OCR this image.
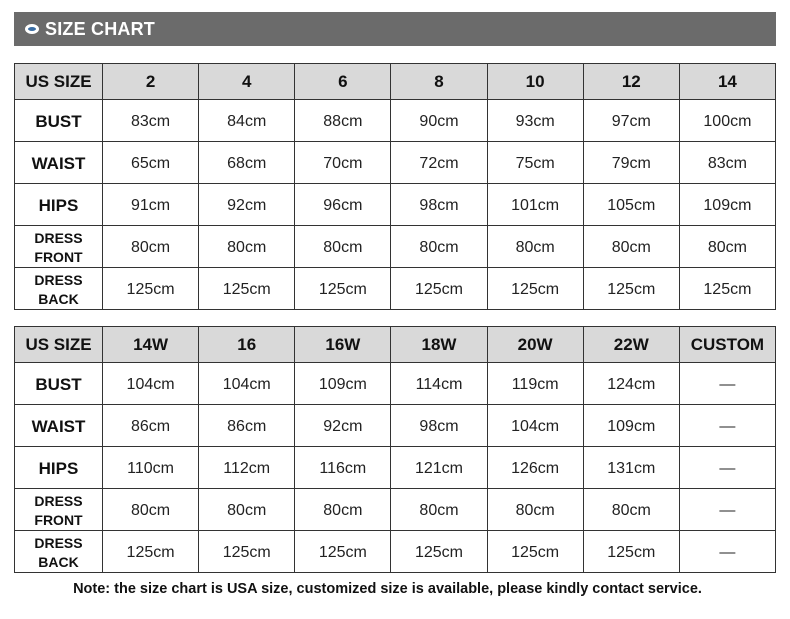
SIZE CHART
US SIZE	2	4	6	8	10	12	14
BUST	83cm	84cm	88cm	90cm	93cm	97cm	100cm
WAIST	65cm	68cm	70cm	72cm	75cm	79cm	83cm
HIPS	91cm	92cm	96cm	98cm	101cm	105cm	109cm
DRESS
FRONT	80cm	80cm	80cm	80cm	80cm	80cm	80cm
DRESS
BACK	125cm	125cm	125cm	125cm	125cm	125cm	125cm
US SIZE	14W	16	16W	18W	20W	22W	CUSTOM
BUST	104cm	104cm	109cm	114cm	119cm	124cm	—
WAIST	86cm	86cm	92cm	98cm	104cm	109cm	—
HIPS	110cm	112cm	116cm	121cm	126cm	131cm	—
DRESS
FRONT	80cm	80cm	80cm	80cm	80cm	80cm	—
DRESS
BACK	125cm	125cm	125cm	125cm	125cm	125cm	—
Note: the size chart is USA size, customized size is available, please kindly contact service.
